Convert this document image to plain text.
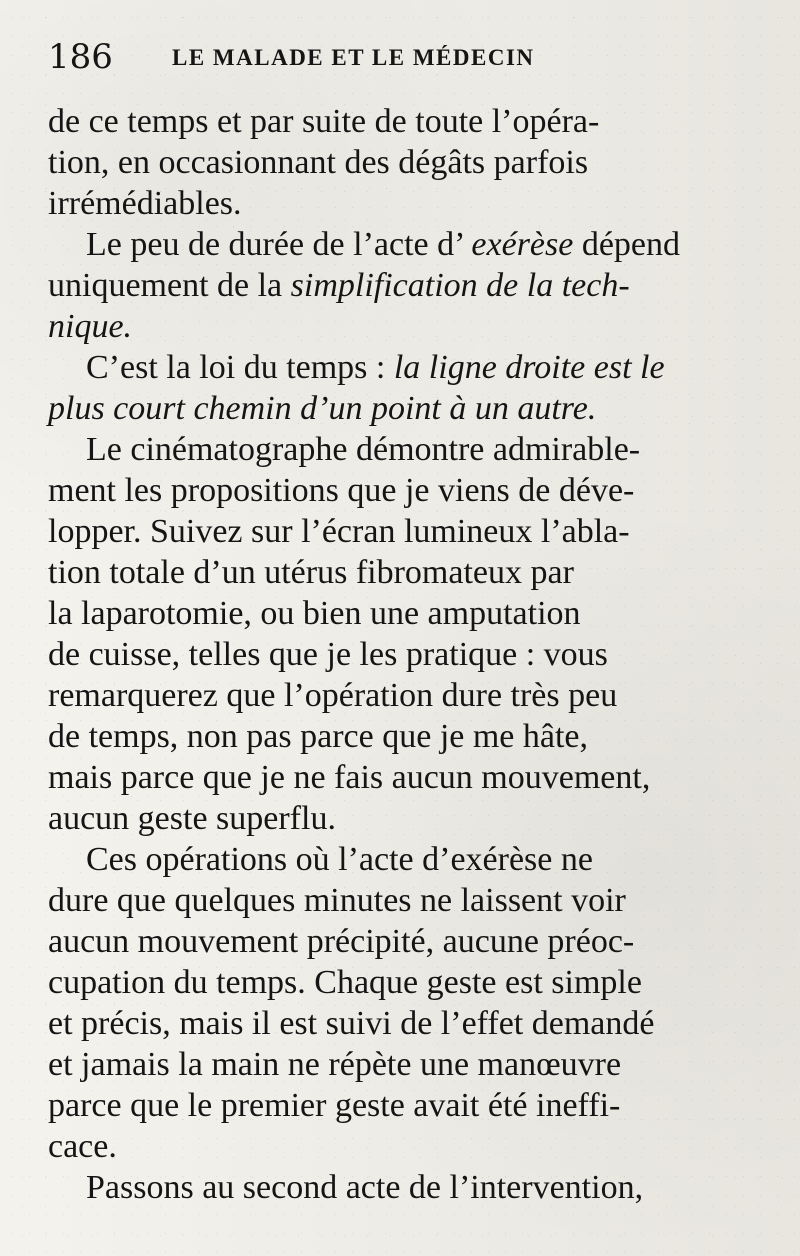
186	LE MALADE ET LE MÉDECIN
de ce temps et par suite de toute l’opéra-
tion, en occasionnant des dégâts parfois
irrémédiables.
Le peu de durée de l’acte d’ exérèse dépend
uniquement de la simplification de la tech-
nique.
C’est la loi du temps : la ligne droite est le
plus court chemin d’un point à un autre.
Le cinématographe démontre admirable-
ment les propositions que je viens de déve-
lopper. Suivez sur l’écran lumineux l’abla-
tion totale d’un utérus fibromateux par
la laparotomie, ou bien une amputation
de cuisse, telles que je les pratique : vous
remarquerez que l’opération dure très peu
de temps, non pas parce que je me hâte,
mais parce que je ne fais aucun mouvement,
aucun geste superflu.
Ces opérations où l’acte d’exérèse ne
dure que quelques minutes ne laissent voir
aucun mouvement précipité, aucune préoc-
cupation du temps. Chaque geste est simple
et précis, mais il est suivi de l’effet demandé
et jamais la main ne répète une manœuvre
parce que le premier geste avait été ineffi-
cace.
Passons au second acte de l’intervention,
